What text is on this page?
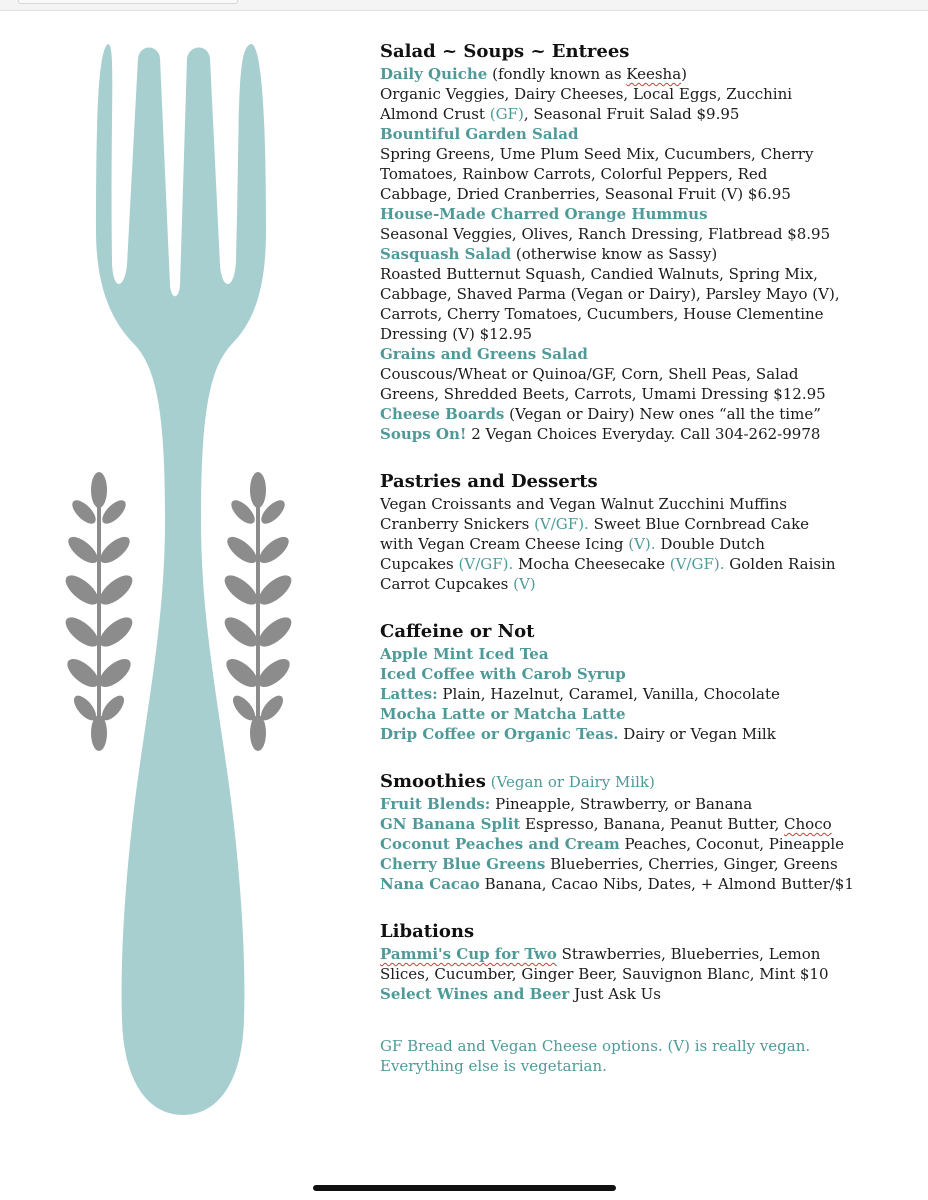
Salad ~ Soups ~ Entrees
Daily Quiche (fondly known as Keesha)
Organic Veggies, Dairy Cheeses, Local Eggs, Zucchini
Almond Crust (GF), Seasonal Fruit Salad $9.95
Bountiful Garden Salad
Spring Greens, Ume Plum Seed Mix, Cucumbers, Cherry
Tomatoes, Rainbow Carrots, Colorful Peppers, Red
Cabbage, Dried Cranberries, Seasonal Fruit (V) $6.95
House-Made Charred Orange Hummus
Seasonal Veggies, Olives, Ranch Dressing, Flatbread $8.95
Sasquash Salad (otherwise know as Sassy)
Roasted Butternut Squash, Candied Walnuts, Spring Mix,
Cabbage, Shaved Parma (Vegan or Dairy), Parsley Mayo (V),
Carrots, Cherry Tomatoes, Cucumbers, House Clementine
Dressing (V) $12.95
Grains and Greens Salad
Couscous/Wheat or Quinoa/GF, Corn, Shell Peas, Salad
Greens, Shredded Beets, Carrots, Umami Dressing $12.95
Cheese Boards (Vegan or Dairy) New ones “all the time”
Soups On! 2 Vegan Choices Everyday. Call 304-262-9978
Pastries and Desserts
Vegan Croissants and Vegan Walnut Zucchini Muffins
Cranberry Snickers (V/GF). Sweet Blue Cornbread Cake
with Vegan Cream Cheese Icing (V). Double Dutch
Cupcakes (V/GF). Mocha Cheesecake (V/GF). Golden Raisin
Carrot Cupcakes (V)
Caffeine or Not
Apple Mint Iced Tea
Iced Coffee with Carob Syrup
Lattes: Plain, Hazelnut, Caramel, Vanilla, Chocolate
Mocha Latte or Matcha Latte
Drip Coffee or Organic Teas. Dairy or Vegan Milk
Smoothies (Vegan or Dairy Milk)
Fruit Blends: Pineapple, Strawberry, or Banana
GN Banana Split Espresso, Banana, Peanut Butter, Choco
Coconut Peaches and Cream Peaches, Coconut, Pineapple
Cherry Blue Greens Blueberries, Cherries, Ginger, Greens
Nana Cacao Banana, Cacao Nibs, Dates, + Almond Butter/$1
Libations
Pammi's Cup for Two Strawberries, Blueberries, Lemon
Slices, Cucumber, Ginger Beer, Sauvignon Blanc, Mint $10
Select Wines and Beer Just Ask Us
GF Bread and Vegan Cheese options. (V) is really vegan.
Everything else is vegetarian.
